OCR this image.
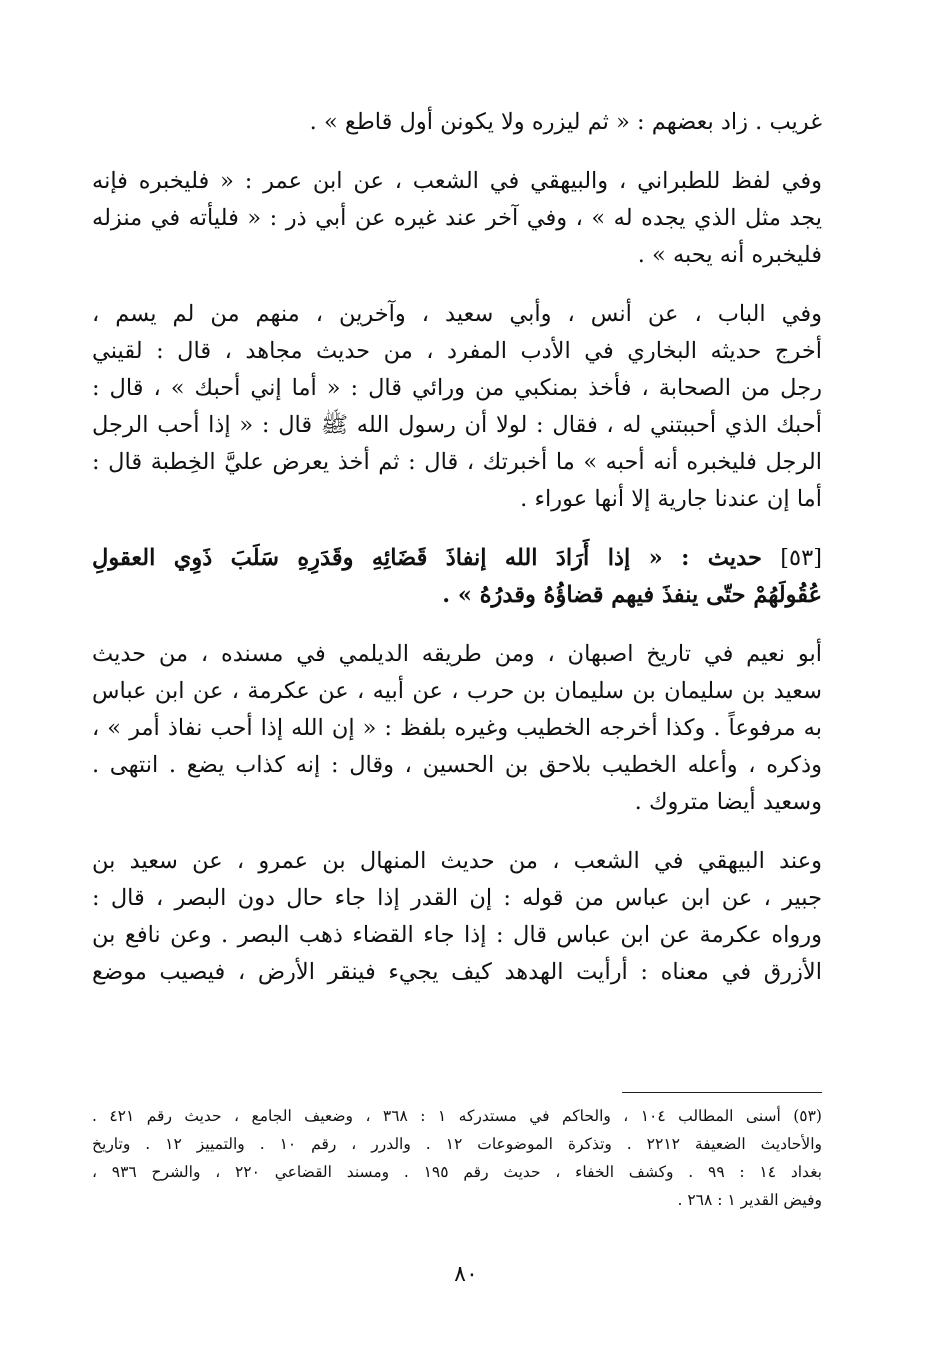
غريب . زاد بعضهم : « ثم ليزره ولا يكونن أول قاطع » .

وفي لفظ للطبراني ، والبيهقي في الشعب ، عن ابن عمر : « فليخبره فإنه
يجد مثل الذي يجده له » ، وفي آخر عند غيره عن أبي ذر : « فليأته في منزله
فليخبره أنه يحبه » .

وفي الباب ، عن أنس ، وأبي سعيد ، وآخرين ، منهم من لم يسم ،
أخرج حديثه البخاري في الأدب المفرد ، من حديث مجاهد ، قال : لقيني
رجل من الصحابة ، فأخذ بمنكبي من ورائي قال : « أما إني أحبك » ، قال :
أحبك الذي أحببتني له ، فقال : لولا أن رسول الله ﷺ قال : « إذا أحب الرجل
الرجل فليخبره أنه أحبه » ما أخبرتك ، قال : ثم أخذ يعرض عليَّ الخِطبة قال :
أما إن عندنا جارية إلا أنها عوراء .

[٥٣] حديث : « إذا أَرَادَ الله إنفاذَ قَضَائِهِ وقَدَرِهِ سَلَبَ ذَوِي العقولِ
عُقُولَهُمْ حتّى ينفذَ فيهم قضاؤُهُ وقدرُهُ » .

أبو نعيم في تاريخ اصبهان ، ومن طريقه الديلمي في مسنده ، من حديث
سعيد بن سليمان بن سليمان بن حرب ، عن أبيه ، عن عكرمة ، عن ابن عباس
به مرفوعاً . وكذا أخرجه الخطيب وغيره بلفظ : « إن الله إذا أحب نفاذ أمر » ،
وذكره ، وأعله الخطيب بلاحق بن الحسين ، وقال : إنه كذاب يضع . انتهى .
وسعيد أيضا متروك .

وعند البيهقي في الشعب ، من حديث المنهال بن عمرو ، عن سعيد بن
جبير ، عن ابن عباس من قوله : إن القدر إذا جاء حال دون البصر ، قال :
ورواه عكرمة عن ابن عباس قال : إذا جاء القضاء ذهب البصر . وعن نافع بن
الأزرق في معناه : أرأيت الهدهد كيف يجيء فينقر الأرض ، فيصيب موضع

(٥٣) أسنى المطالب ١٠٤ ، والحاكم في مستدركه ١ : ٣٦٨ ، وضعيف الجامع ، حديث رقم ٤٢١ .
والأحاديث الضعيفة ٢٢١٢ . وتذكرة الموضوعات ١٢ . والدرر ، رقم ١٠ . والتمييز ١٢ . وتاريخ
بغداد ١٤ : ٩٩ . وكشف الخفاء ، حديث رقم ١٩٥ . ومسند القضاعي ٢٢٠ ، والشرح ٩٣٦ ،
وفيض القدير ١ : ٢٦٨ .
٨٠
